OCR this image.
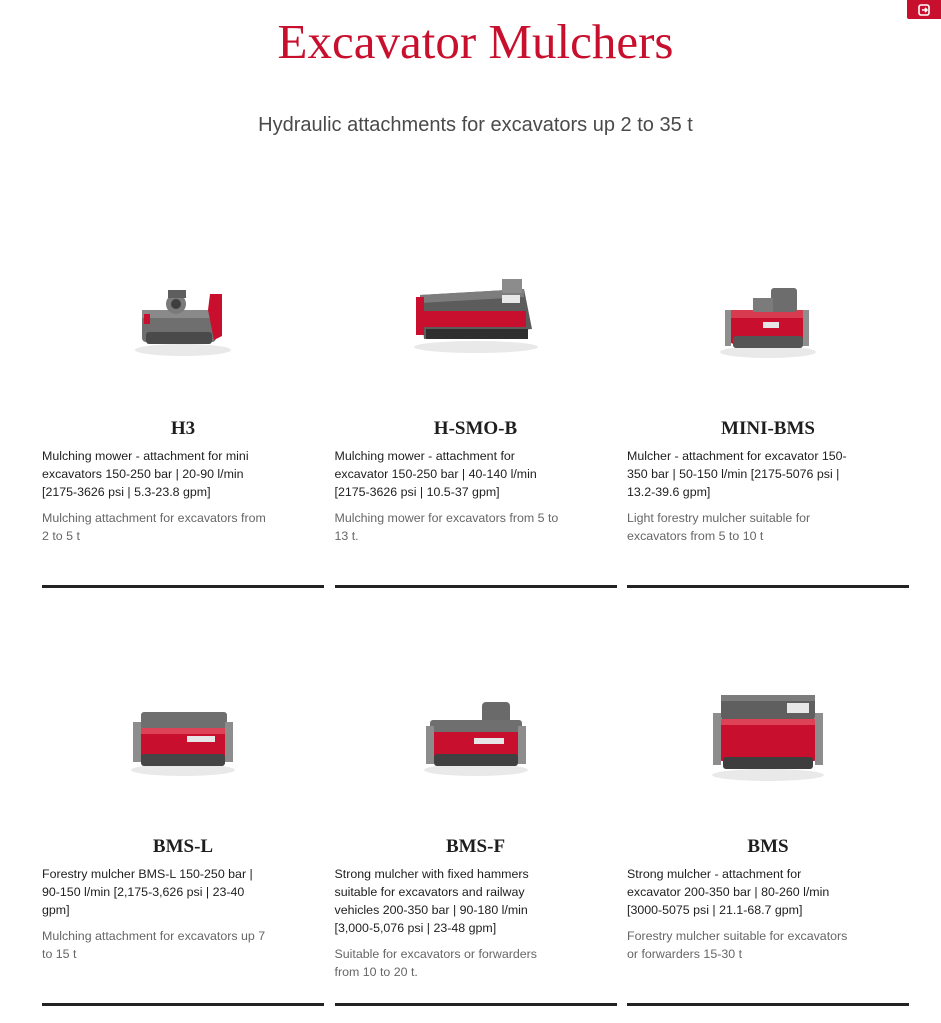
Excavator Mulchers

Hydraulic attachments for excavators up 2 to 35 t

H3

Mulching mower - attachment for mini excavators 150-250 bar | 20-90 l/min [2175-3626 psi | 5.3-23.8 gpm]

Mulching attachment for excavators from 2 to 5 t

H-SMO-B

Mulching mower - attachment for excavator 150-250 bar | 40-140 l/min [2175-3626 psi | 10.5-37 gpm]

Mulching mower for excavators from 5 to 13 t.

MINI-BMS

Mulcher - attachment for excavator 150-350 bar | 50-150 l/min [2175-5076 psi | 13.2-39.6 gpm]

Light forestry mulcher suitable for excavators from 5 to 10 t

BMS-L

Forestry mulcher BMS-L 150-250 bar | 90-150 l/min [2,175-3,626 psi | 23-40 gpm]

Mulching attachment for excavators up 7 to 15 t

BMS-F

Strong mulcher with fixed hammers suitable for excavators and railway vehicles 200-350 bar | 90-180 l/min [3,000-5,076 psi | 23-48 gpm]

Suitable for excavators or forwarders from 10 to 20 t.

BMS

Strong mulcher - attachment for excavator 200-350 bar | 80-260 l/min [3000-5075 psi | 21.1-68.7 gpm]

Forestry mulcher suitable for excavators or forwarders 15-30 t
